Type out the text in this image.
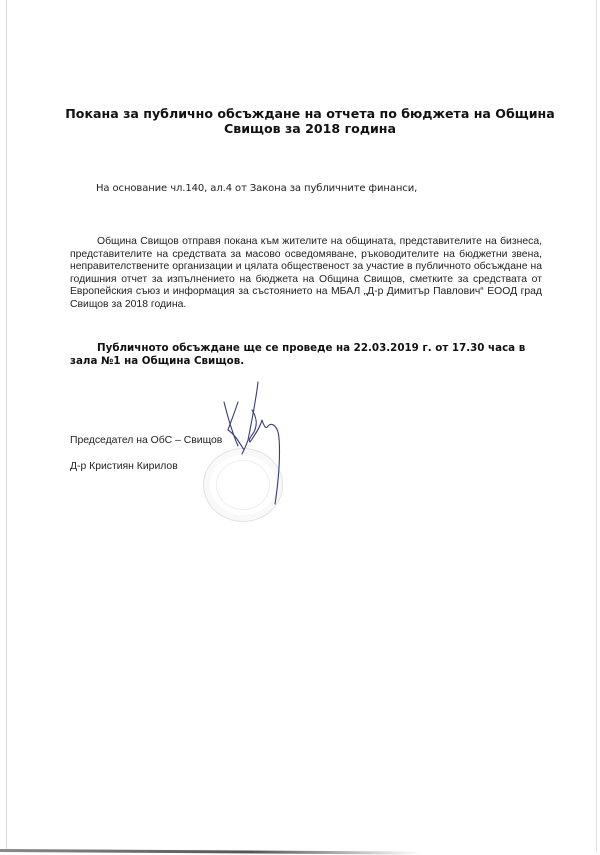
Покана за публично обсъждане на отчета по бюджета на Община Свищов за 2018 година
На основание чл.140, ал.4 от Закона за публичните финанси,
Община Свищов отправя покана към жителите на общината, представителите на бизнеса, представителите на средствата за масово осведомяване, ръководителите на бюджетни звена, неправителствените организации и цялата общественост за участие в публичното обсъждане на годишния отчет за изпълнението на бюджета на Община Свищов, сметките за средствата от Европейския съюз и информация за състоянието на МБАЛ „Д-р Димитър Павлович“ ЕООД град Свищов за 2018 година.
Публичното обсъждане ще се проведе на 22.03.2019 г. от 17.30 часа в зала №1 на Община Свищов.
Председател на ОбС – Свищов
Д-р Кристиян Кирилов
